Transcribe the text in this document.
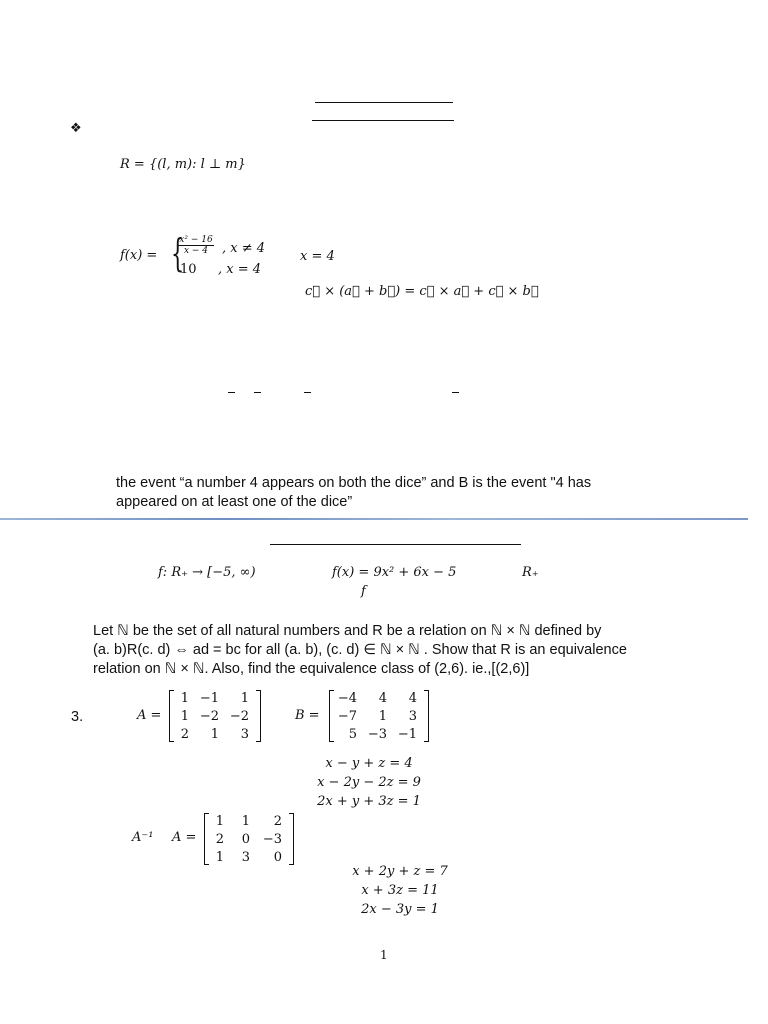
❖
R = {(l, m): l ⊥ m}
f(x) = {
$\frac{\text{x² − 16}}{x - 4}$ , x ≠ 4
10 , x = 4
x = 4
c⃗ × (a⃗ + b⃗) = c⃗ × a⃗ + c⃗ × b⃗
the event “a number 4 appears on both the dice” and B is the event "4 has
appeared on at least one of the dice”
f: R₊ → [−5, ∞)	f(x) = 9x² + 6x − 5	R₊
f
Let ℕ be the set of all natural numbers and R be a relation on ℕ × ℕ defined by
(a. b)R(c. d) ⇔ ad = bc for all (a. b), (c. d) ∈ ℕ × ℕ . Show that R is an equivalence
relation on ℕ × ℕ. Also, find the equivalence class of (2,6). ie.,[(2,6)]
3.	A =
1 −1 1
1 −2 −2
2 1 3
B =
−4 4 4
−7 1 3
5 −3 −1
x − y + z = 4
x − 2y − 2z = 9
2x + y + 3z = 1
A⁻¹ A =
1 1 2
2 0 −3
1 3 0
x + 2y + z = 7
x + 3z = 11
2x − 3y = 1
1
